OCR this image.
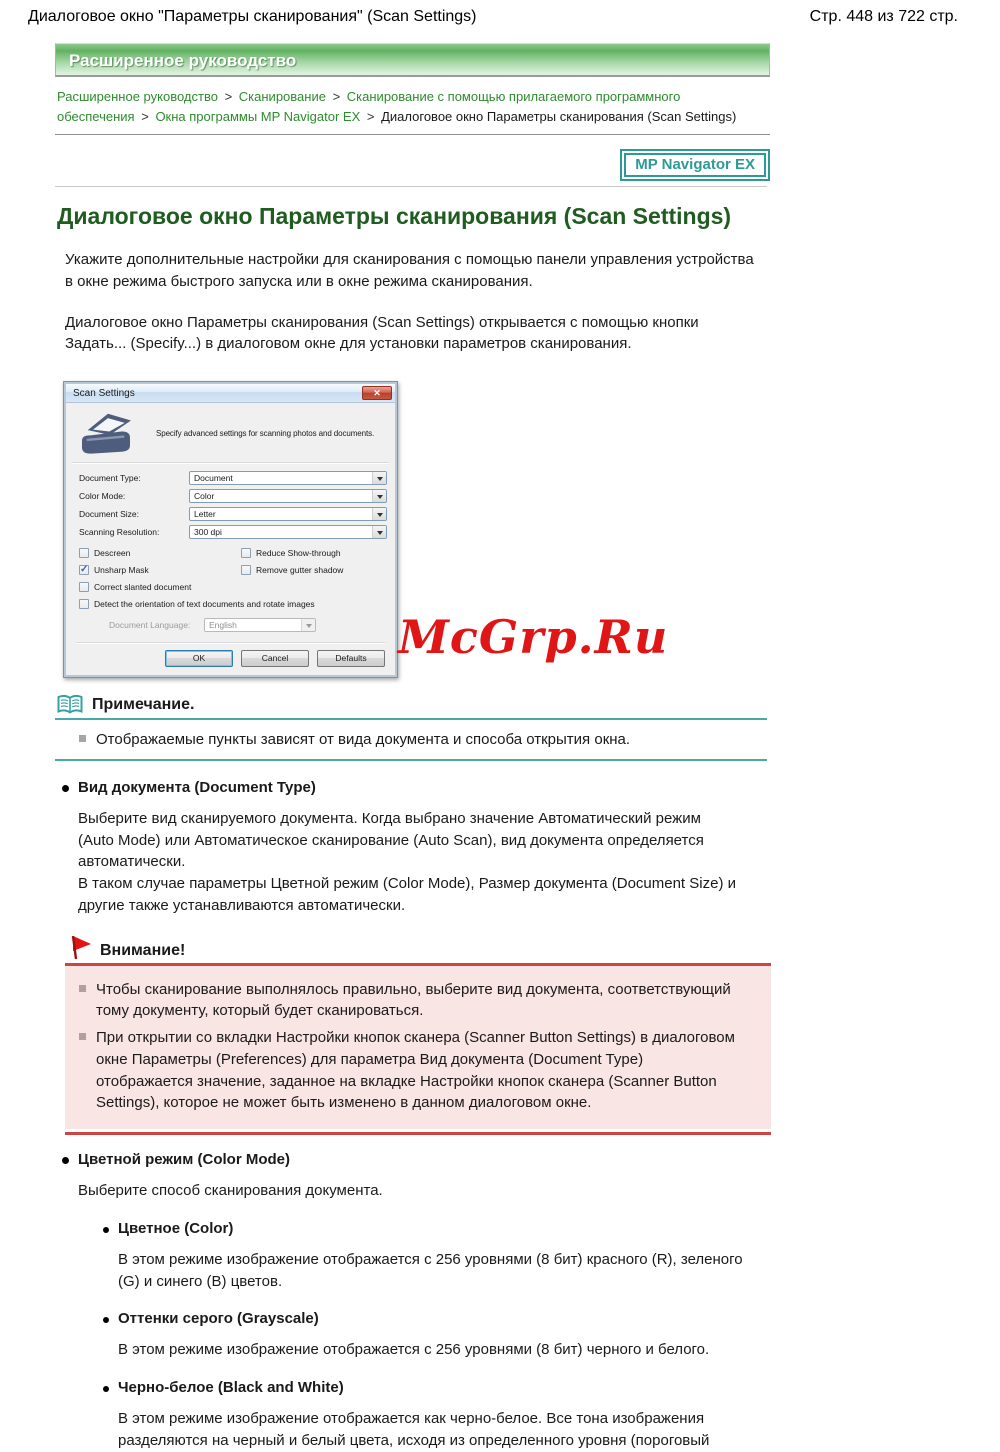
Диалоговое окно "Параметры сканирования" (Scan Settings)	Стр. 448 из 722 стр.
Расширенное руководство
Расширенное руководство > Сканирование > Сканирование с помощью прилагаемого программного обеспечения > Окна программы MP Navigator EX > Диалоговое окно Параметры сканирования (Scan Settings)
MP Navigator EX
Диалоговое окно Параметры сканирования (Scan Settings)

Укажите дополнительные настройки для сканирования с помощью панели управления устройства в окне режима быстрого запуска или в окне режима сканирования.

Диалоговое окно Параметры сканирования (Scan Settings) открывается с помощью кнопки Задать... (Specify...) в диалоговом окне для установки параметров сканирования.

Scan Settings	✕
Specify advanced settings for scanning photos and documents.
Document Type:	Document
Color Mode:	Color
Document Size:	Letter
Scanning Resolution:	300 dpi
Descreen	Reduce Show-through
✓
Unsharp Mask	Remove gutter shadow
Correct slanted document
Detect the orientation of text documents and rotate images
Document Language:	English
OK	Cancel	Defaults
Примечание.
Отображаемые пункты зависят от вида документа и способа открытия окна.
Вид документа (Document Type)

Выберите вид сканируемого документа. Когда выбрано значение Автоматический режим (Auto Mode) или Автоматическое сканирование (Auto Scan), вид документа определяется автоматически.

В таком случае параметры Цветной режим (Color Mode), Размер документа (Document Size) и другие также устанавливаются автоматически.

Внимание!
Чтобы сканирование выполнялось правильно, выберите вид документа, соответствующий тому документу, который будет сканироваться.
При открытии со вкладки Настройки кнопок сканера (Scanner Button Settings) в диалоговом окне Параметры (Preferences) для параметра Вид документа (Document Type) отображается значение, заданное на вкладке Настройки кнопок сканера (Scanner Button Settings), которое не может быть изменено в данном диалоговом окне.
Цветной режим (Color Mode)

Выберите способ сканирования документа.

Цветное (Color)

В этом режиме изображение отображается с 256 уровнями (8 бит) красного (R), зеленого (G) и синего (B) цветов.

Оттенки серого (Grayscale)

В этом режиме изображение отображается с 256 уровнями (8 бит) черного и белого.

Черно-белое (Black and White)

В этом режиме изображение отображается как черно-белое. Все тона изображения разделяются на черный и белый цвета, исходя из определенного уровня (пороговый

McGrp.Ru
